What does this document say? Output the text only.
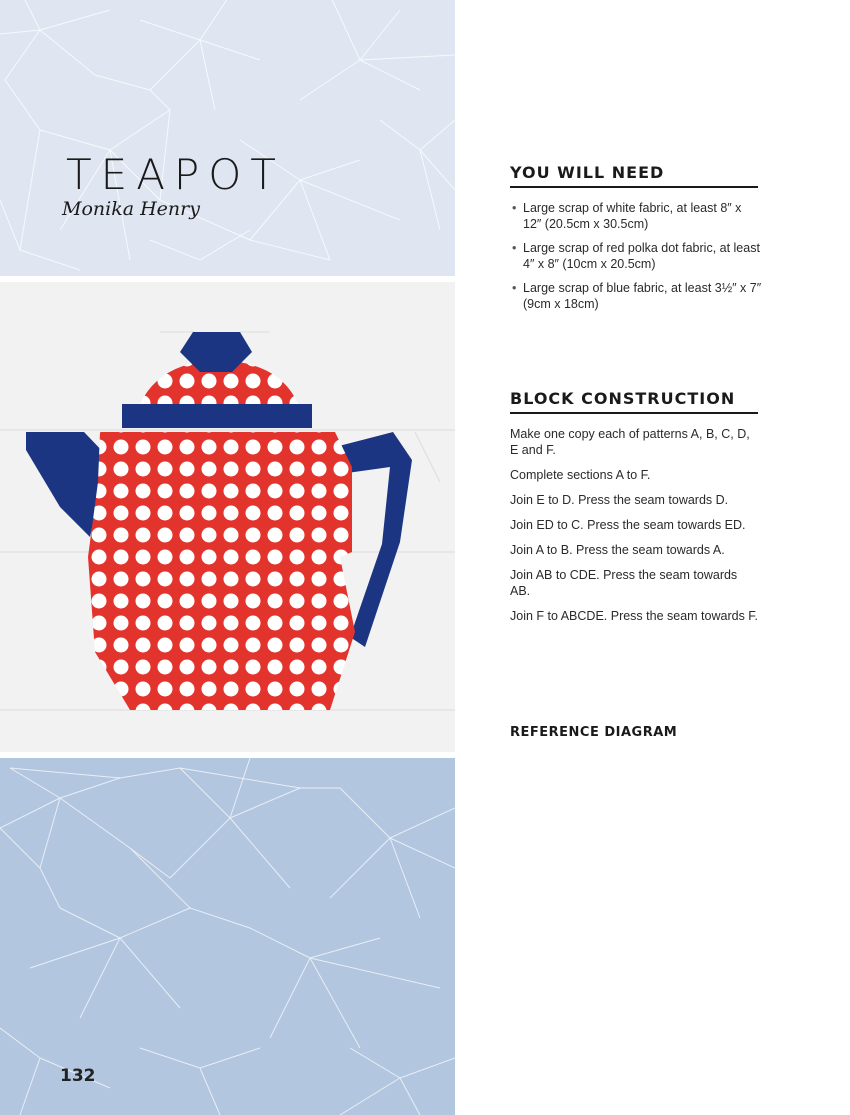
TEAPOT
Monika Henry
132
YOU WILL NEED
• Large scrap of white fabric, at least 8″ x 12″ (20.5cm x 30.5cm)
• Large scrap of red polka dot fabric, at least 4″ x 8″ (10cm x 20.5cm)
• Large scrap of blue fabric, at least 3½″ x 7″ (9cm x 18cm)
BLOCK CONSTRUCTION

Make one copy each of patterns A, B, C, D, E and F.

Complete sections A to F.

Join E to D. Press the seam towards D.

Join ED to C. Press the seam towards ED.

Join A to B. Press the seam towards A.

Join AB to CDE. Press the seam towards AB.

Join F to ABCDE. Press the seam towards F.

REFERENCE DIAGRAM
